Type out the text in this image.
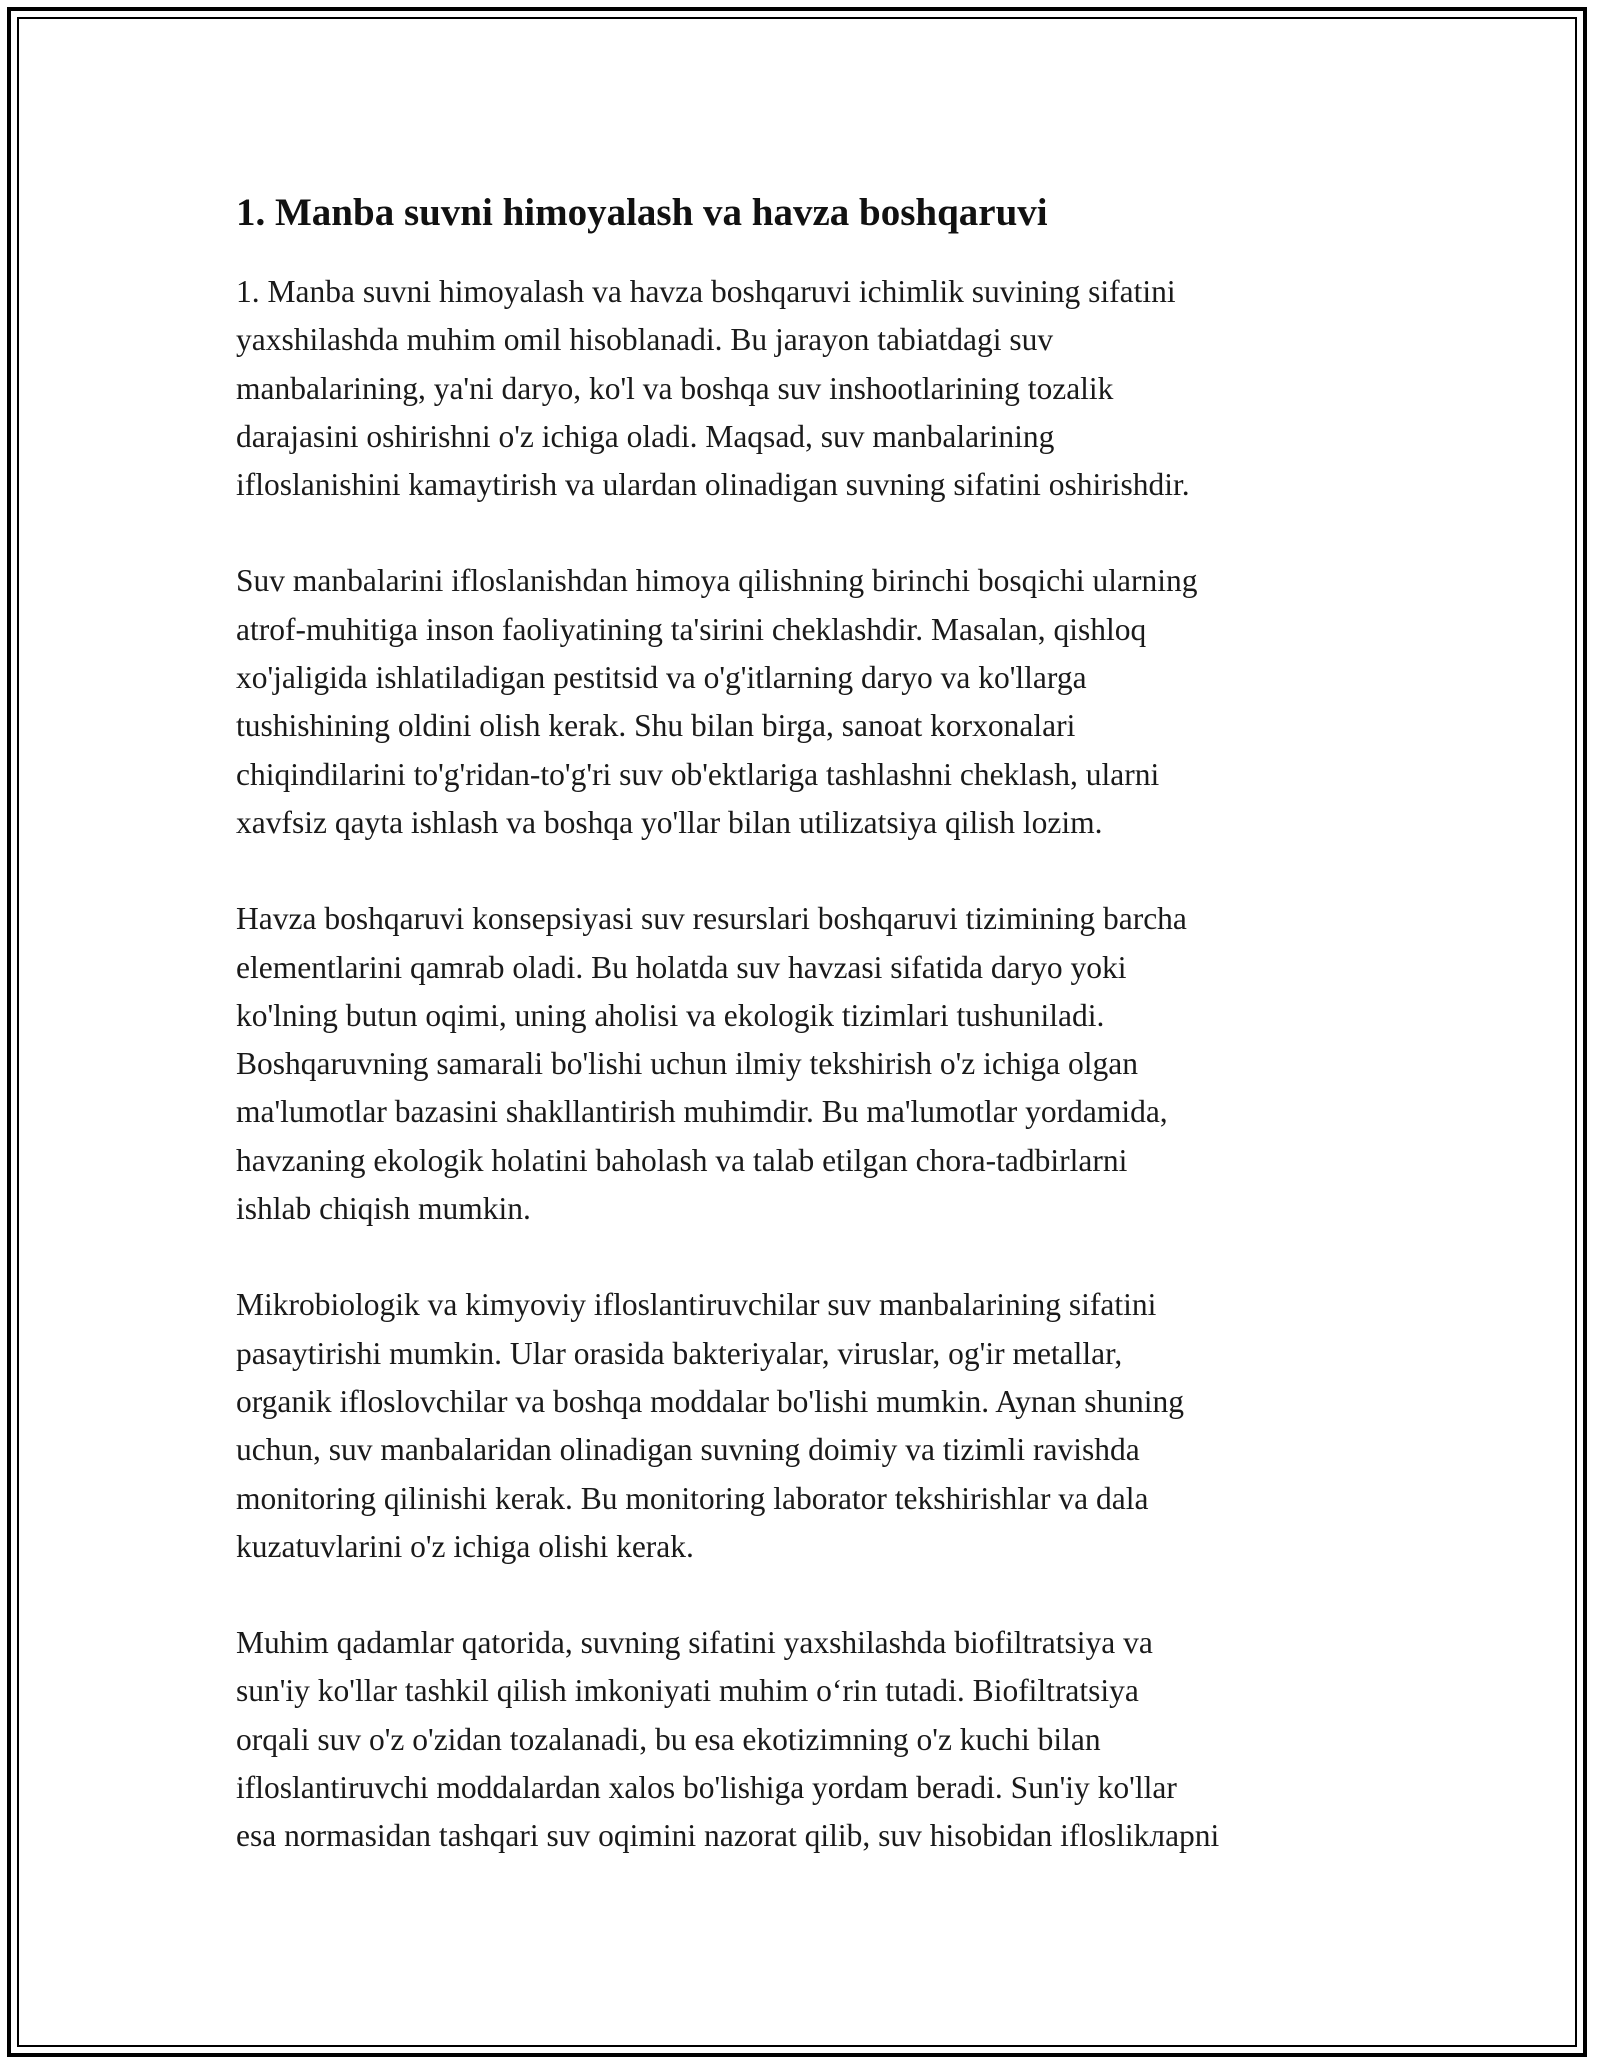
1. Manba suvni himoyalash va havza boshqaruvi

1. Manba suvni himoyalash va havza boshqaruvi ichimlik suvining sifatini
yaxshilashda muhim omil hisoblanadi. Bu jarayon tabiatdagi suv
manbalarining, ya'ni daryo, ko'l va boshqa suv inshootlarining tozalik
darajasini oshirishni o'z ichiga oladi. Maqsad, suv manbalarining
ifloslanishini kamaytirish va ulardan olinadigan suvning sifatini oshirishdir.

Suv manbalarini ifloslanishdan himoya qilishning birinchi bosqichi ularning
atrof-muhitiga inson faoliyatining ta'sirini cheklashdir. Masalan, qishloq
xo'jaligida ishlatiladigan pestitsid va o'g'itlarning daryo va ko'llarga
tushishining oldini olish kerak. Shu bilan birga, sanoat korxonalari
chiqindilarini to'g'ridan-to'g'ri suv ob'ektlariga tashlashni cheklash, ularni
xavfsiz qayta ishlash va boshqa yo'llar bilan utilizatsiya qilish lozim.

Havza boshqaruvi konsepsiyasi suv resurslari boshqaruvi tizimining barcha
elementlarini qamrab oladi. Bu holatda suv havzasi sifatida daryo yoki
ko'lning butun oqimi, uning aholisi va ekologik tizimlari tushuniladi.
Boshqaruvning samarali bo'lishi uchun ilmiy tekshirish o'z ichiga olgan
ma'lumotlar bazasini shakllantirish muhimdir. Bu ma'lumotlar yordamida,
havzaning ekologik holatini baholash va talab etilgan chora-tadbirlarni
ishlab chiqish mumkin.

Mikrobiologik va kimyoviy ifloslantiruvchilar suv manbalarining sifatini
pasaytirishi mumkin. Ular orasida bakteriyalar, viruslar, og'ir metallar,
organik ifloslovchilar va boshqa moddalar bo'lishi mumkin. Aynan shuning
uchun, suv manbalaridan olinadigan suvning doimiy va tizimli ravishda
monitoring qilinishi kerak. Bu monitoring laborator tekshirishlar va dala
kuzatuvlarini o'z ichiga olishi kerak.

Muhim qadamlar qatorida, suvning sifatini yaxshilashda biofiltratsiya va
sun'iy ko'llar tashkil qilish imkoniyati muhim o‘rin tutadi. Biofiltratsiya
orqali suv o'z o'zidan tozalanadi, bu esa ekotizimning o'z kuchi bilan
ifloslantiruvchi moddalardan xalos bo'lishiga yordam beradi. Sun'iy ko'llar
esa normasidan tashqari suv oqimini nazorat qilib, suv hisobidan ifloslikларni
